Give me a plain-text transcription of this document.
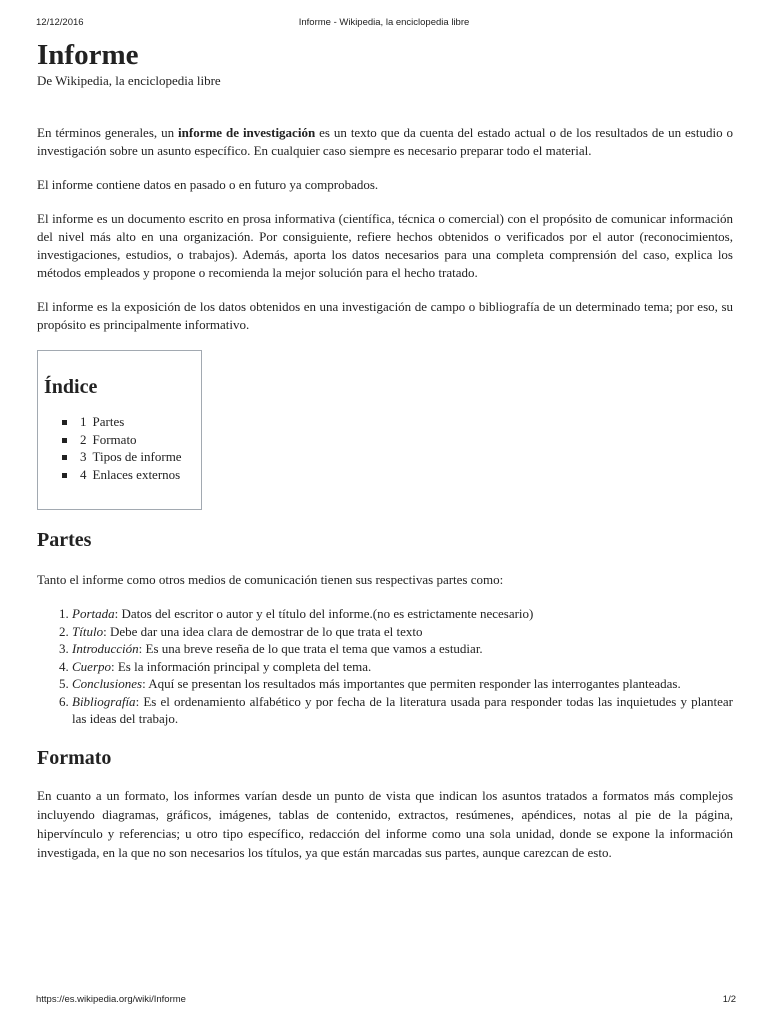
12/12/2016	Informe - Wikipedia, la enciclopedia libre
Informe
De Wikipedia, la enciclopedia libre

En términos generales, un informe de investigación es un texto que da cuenta del estado actual o de los resultados de un estudio o investigación sobre un asunto específico. En cualquier caso siempre es necesario preparar todo el material.

El informe contiene datos en pasado o en futuro ya comprobados.

El informe es un documento escrito en prosa informativa (científica, técnica o comercial) con el propósito de comunicar información del nivel más alto en una organización. Por consiguiente, refiere hechos obtenidos o verificados por el autor (reconocimientos, investigaciones, estudios, o trabajos). Además, aporta los datos necesarios para una completa comprensión del caso, explica los métodos empleados y propone o recomienda la mejor solución para el hecho tratado.

El informe es la exposición de los datos obtenidos en una investigación de campo o bibliografía de un determinado tema; por eso, su propósito es principalmente informativo.

Índice
1 Partes
2 Formato
3 Tipos de informe
4 Enlaces externos
Partes

Tanto el informe como otros medios de comunicación tienen sus respectivas partes como:

1. Portada: Datos del escritor o autor y el título del informe.(no es estrictamente necesario)
2. Título: Debe dar una idea clara de demostrar de lo que trata el texto
3. Introducción: Es una breve reseña de lo que trata el tema que vamos a estudiar.
4. Cuerpo: Es la información principal y completa del tema.
5. Conclusiones: Aquí se presentan los resultados más importantes que permiten responder las interrogantes planteadas.
6. Bibliografía: Es el ordenamiento alfabético y por fecha de la literatura usada para responder todas las inquietudes y plantear las ideas del trabajo.
Formato

En cuanto a un formato, los informes varían desde un punto de vista que indican los asuntos tratados a formatos más complejos incluyendo diagramas, gráficos, imágenes, tablas de contenido, extractos, resúmenes, apéndices, notas al pie de la página, hipervínculo y referencias; u otro tipo específico, redacción del informe como una sola unidad, donde se expone la información investigada, en la que no son necesarios los títulos, ya que están marcadas sus partes, aunque carezcan de esto.

https://es.wikipedia.org/wiki/Informe	1/2
